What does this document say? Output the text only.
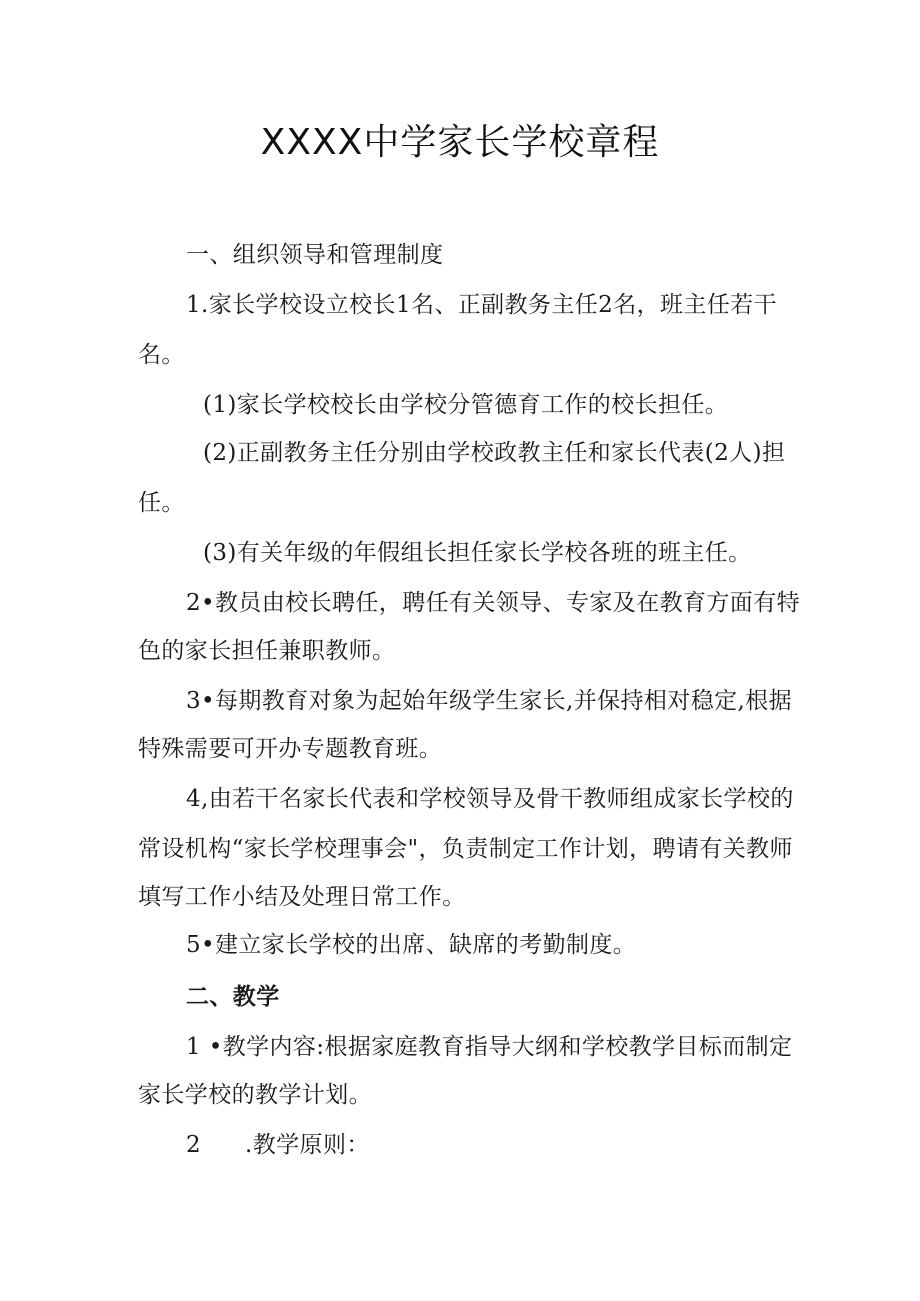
XXXX中学家长学校章程
一、组织领导和管理制度
1.家长学校设立校长1名、正副教务主任2名，班主任若干
名。
(1)家长学校校长由学校分管德育工作的校长担任。
(2)正副教务主任分别由学校政教主任和家长代表(2人)担
任。
(3)有关年级的年假组长担任家长学校各班的班主任。
2•教员由校长聘任，聘任有关领导、专家及在教育方面有特
色的家长担任兼职教师。
3•每期教育对象为起始年级学生家长,并保持相对稳定,根据
特殊需要可开办专题教育班。
4,由若干名家长代表和学校领导及骨干教师组成家长学校的
常设机构“家长学校理事会"，负责制定工作计划，聘请有关教师
填写工作小结及处理日常工作。
5•建立家长学校的出席、缺席的考勤制度。
二、教学
1 •教学内容:根据家庭教育指导大纲和学校教学目标而制定
家长学校的教学计划。
2 .教学原则：
